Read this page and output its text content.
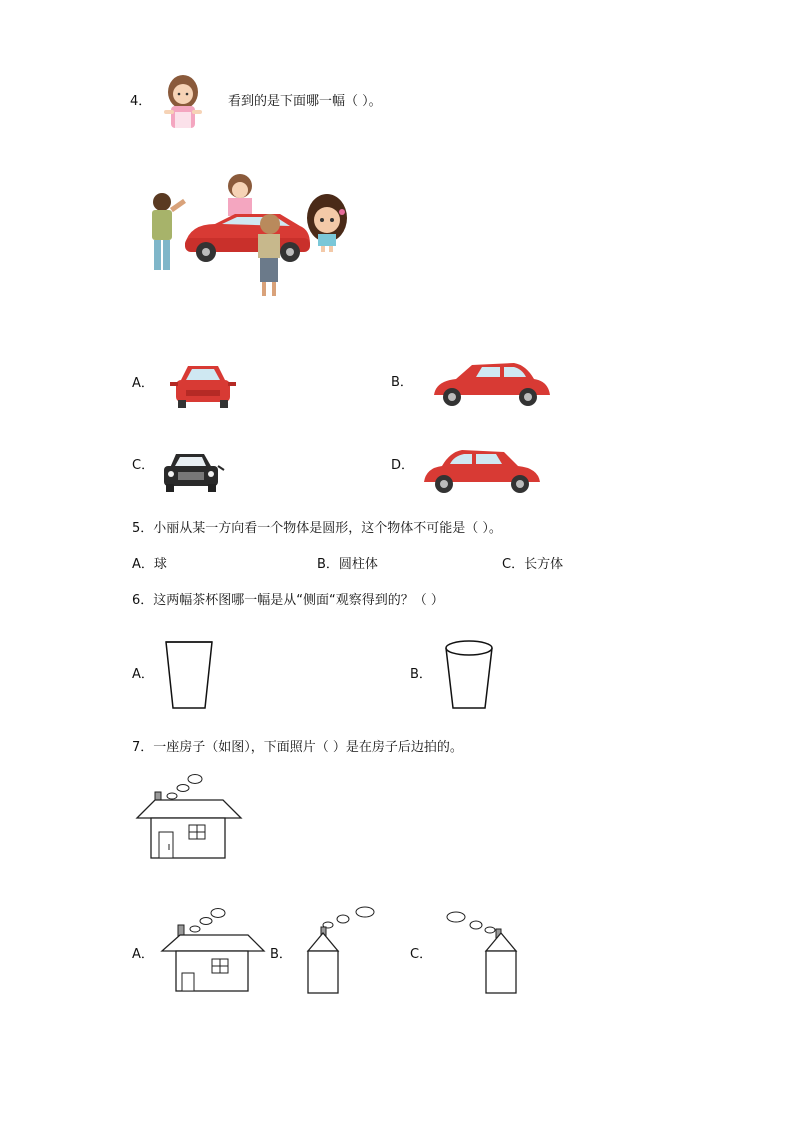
4．	看到的是下面哪一幅（ ）。
A．	B．
C．	D．
5．小丽从某一方向看一个物体是圆形，这个物体不可能是（ ）。
A．球	B．圆柱体	C．长方体
6．这两幅茶杯图哪一幅是从“侧面“观察得到的？（ ）
A．	B．
7．一座房子（如图），下面照片（ ）是在房子后边拍的。
A．	B．	C．
